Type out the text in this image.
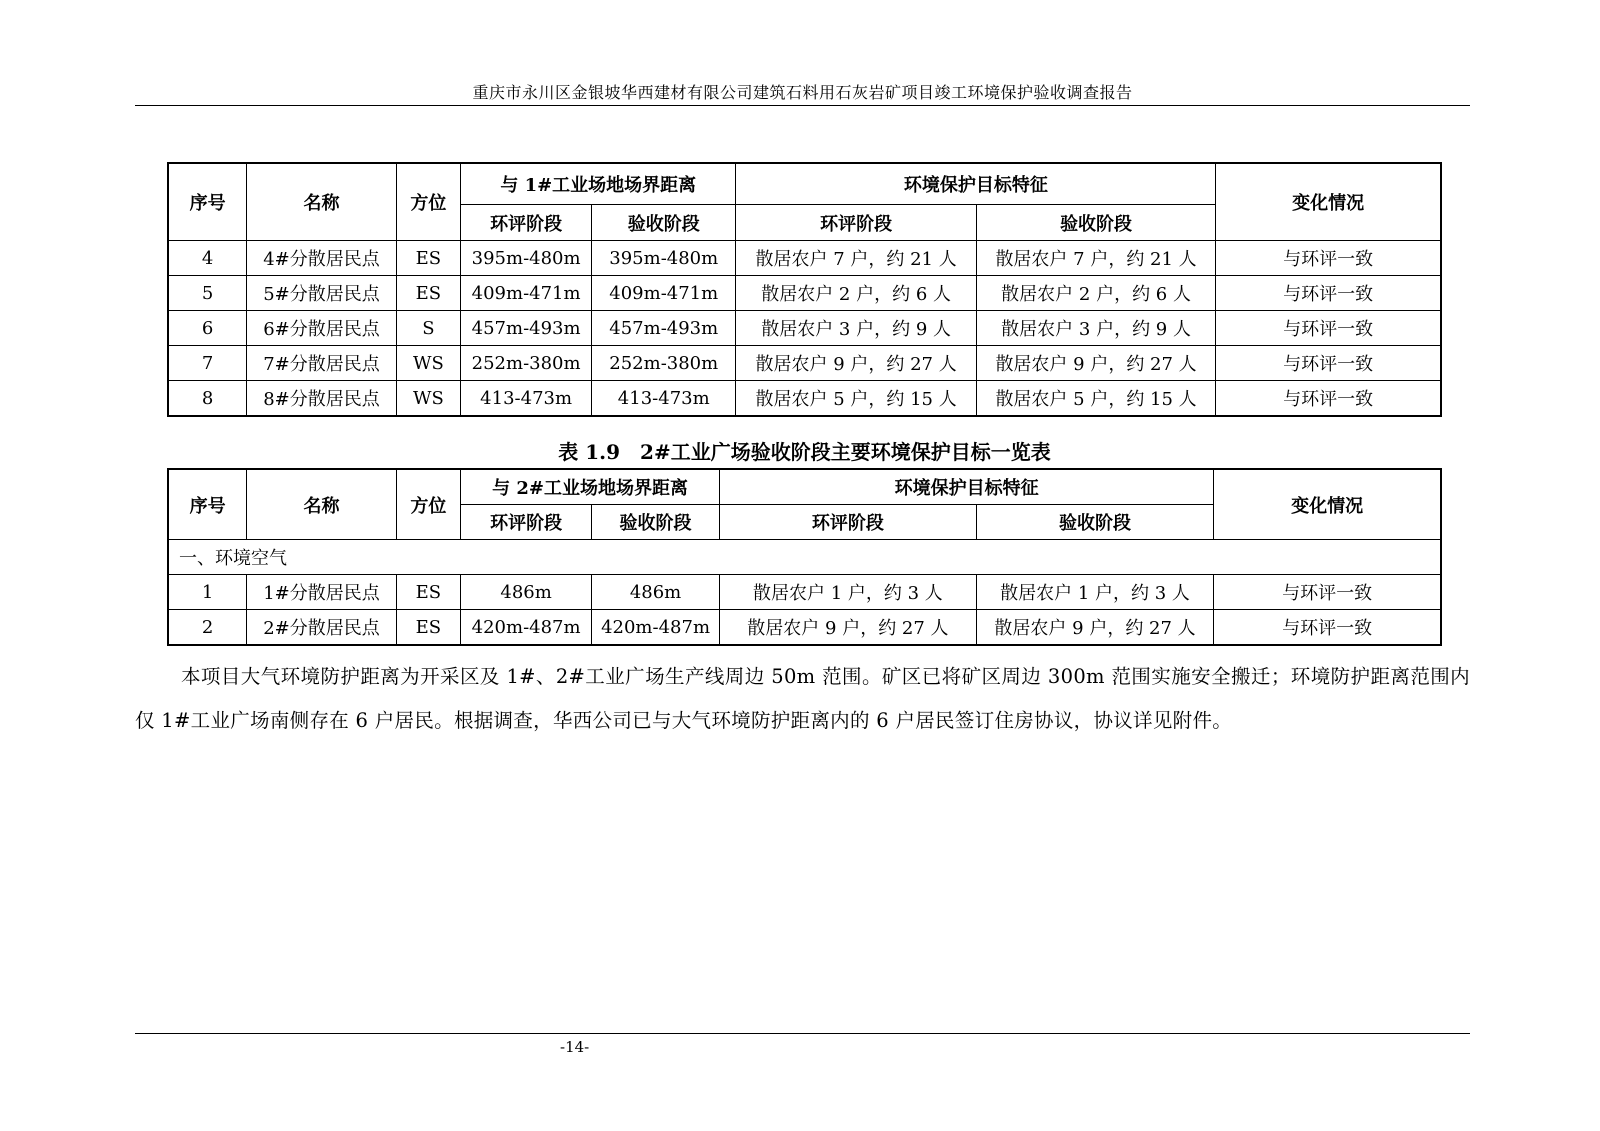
重庆市永川区金银坡华西建材有限公司建筑石料用石灰岩矿项目竣工环境保护验收调查报告
序号	名称	方位	与 1#工业场地场界距离		环境保护目标特征		变化情况
			环评阶段	验收阶段	环评阶段	验收阶段	
4	4#分散居民点	ES	395m-480m	395m-480m	散居农户 7 户，约 21 人	散居农户 7 户，约 21 人	与环评一致
5	5#分散居民点	ES	409m-471m	409m-471m	散居农户 2 户，约 6 人	散居农户 2 户，约 6 人	与环评一致
6	6#分散居民点	S	457m-493m	457m-493m	散居农户 3 户，约 9 人	散居农户 3 户，约 9 人	与环评一致
7	7#分散居民点	WS	252m-380m	252m-380m	散居农户 9 户，约 27 人	散居农户 9 户，约 27 人	与环评一致
8	8#分散居民点	WS	413-473m	413-473m	散居农户 5 户，约 15 人	散居农户 5 户，约 15 人	与环评一致
表 1.9　2#工业广场验收阶段主要环境保护目标一览表
序号	名称	方位	与 2#工业场地场界距离		环境保护目标特征		变化情况
			环评阶段	验收阶段	环评阶段	验收阶段	
一、环境空气							
1	1#分散居民点	ES	486m	486m	散居农户 1 户，约 3 人	散居农户 1 户，约 3 人	与环评一致
2	2#分散居民点	ES	420m-487m	420m-487m	散居农户 9 户，约 27 人	散居农户 9 户，约 27 人	与环评一致

本项目大气环境防护距离为开采区及 1#、2#工业广场生产线周边 50m 范围。矿区已将矿区周边 300m 范围实施安全搬迁；环境防护距离范围内仅 1#工业广场南侧存在 6 户居民。根据调查，华西公司已与大气环境防护距离内的 6 户居民签订住房协议，协议详见附件。

-14-
